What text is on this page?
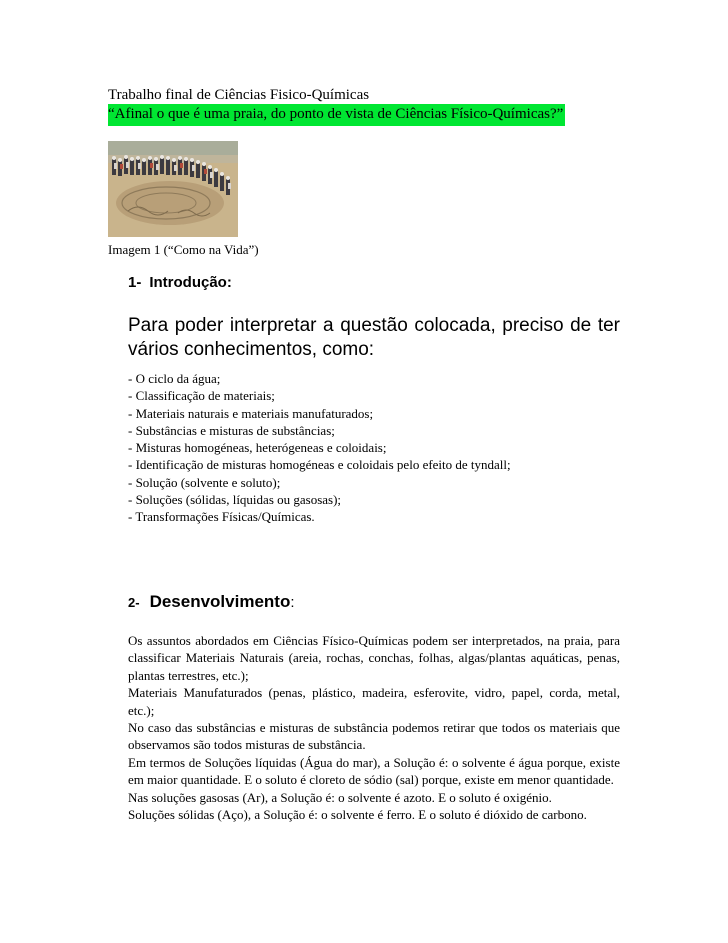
Trabalho final de Ciências Fisico-Químicas
“Afinal o que é uma praia, do ponto de vista de Ciências Físico-Químicas?”
Imagem 1 (“Como na Vida”)
1- Introdução:
Para poder interpretar a questão colocada, preciso de ter vários conhecimentos, como:
- O ciclo da água;
- Classificação de materiais;
- Materiais naturais e materiais manufaturados;
- Substâncias e misturas de substâncias;
- Misturas homogéneas, heterógeneas e coloidais;
- Identificação de misturas homogéneas e coloidais pelo efeito de tyndall;
- Solução (solvente e soluto);
- Soluções (sólidas, líquidas ou gasosas);
- Transformações Físicas/Químicas.
2- Desenvolvimento:

Os assuntos abordados em Ciências Físico-Químicas podem ser interpretados, na praia, para classificar Materiais Naturais (areia, rochas, conchas, folhas, algas/plantas aquáticas, penas, plantas terrestres, etc.);

Materiais Manufaturados (penas, plástico, madeira, esferovite, vidro, papel, corda, metal, etc.);

No caso das substâncias e misturas de substância podemos retirar que todos os materiais que observamos são todos misturas de substância.

Em termos de Soluções líquidas (Água do mar), a Solução é: o solvente é água porque, existe em maior quantidade. E o soluto é cloreto de sódio (sal) porque, existe em menor quantidade.

Nas soluções gasosas (Ar), a Solução é: o solvente é azoto. E o soluto é oxigénio.

Soluções sólidas (Aço), a Solução é: o solvente é ferro. E o soluto é dióxido de carbono.
